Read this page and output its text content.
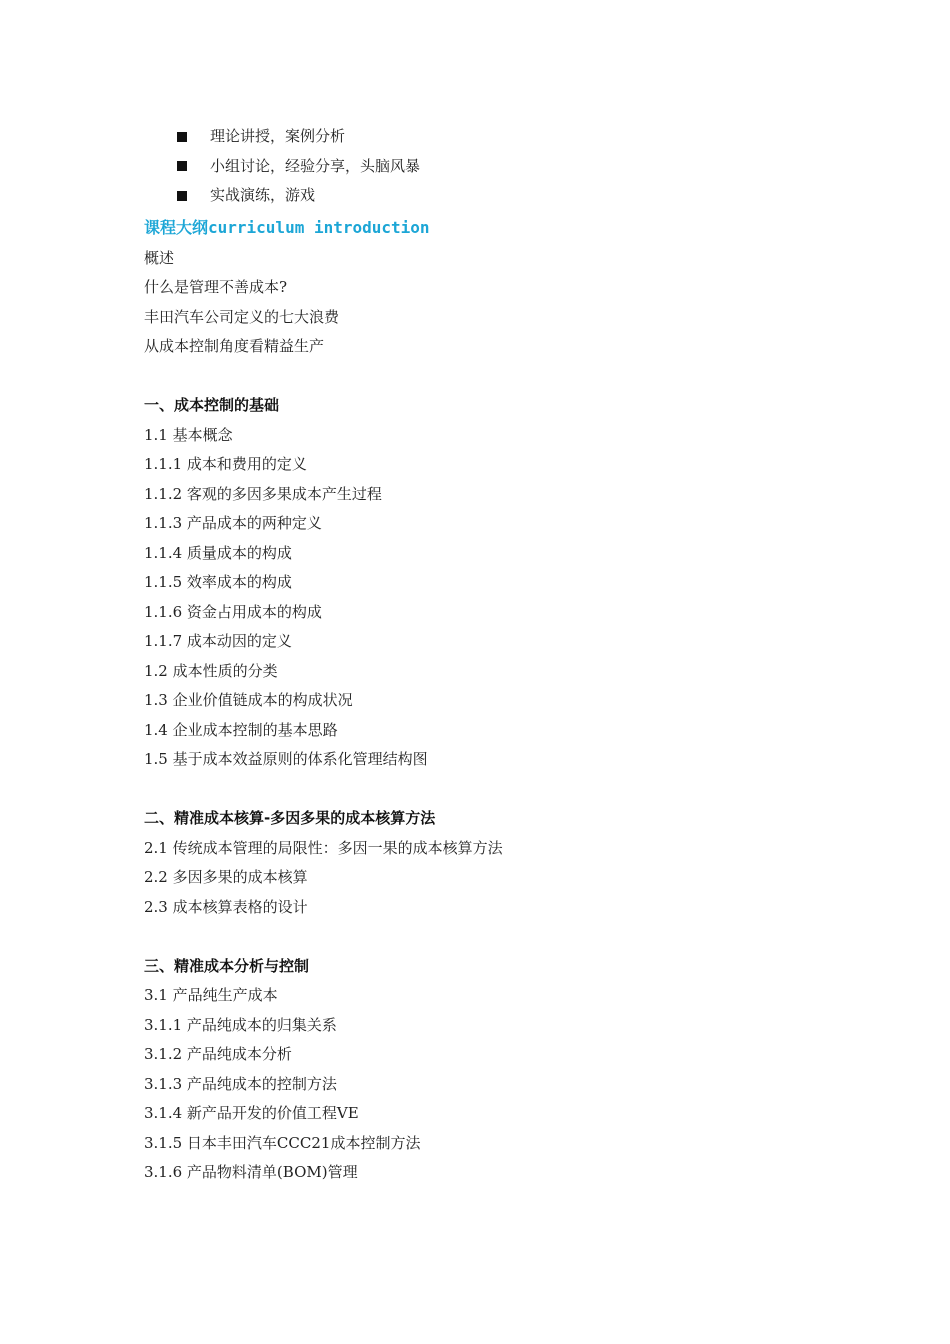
理论讲授，案例分析
小组讨论，经验分享，头脑风暴
实战演练，游戏
课程大纲curriculum introduction
概述
什么是管理不善成本?
丰田汽车公司定义的七大浪费
从成本控制角度看精益生产
一、成本控制的基础
1.1 基本概念
1.1.1 成本和费用的定义
1.1.2 客观的多因多果成本产生过程
1.1.3 产品成本的两种定义
1.1.4 质量成本的构成
1.1.5 效率成本的构成
1.1.6 资金占用成本的构成
1.1.7 成本动因的定义
1.2 成本性质的分类
1.3 企业价值链成本的构成状况
1.4 企业成本控制的基本思路
1.5 基于成本效益原则的体系化管理结构图
二、精准成本核算-多因多果的成本核算方法
2.1 传统成本管理的局限性：多因一果的成本核算方法
2.2 多因多果的成本核算
2.3 成本核算表格的设计
三、精准成本分析与控制
3.1 产品纯生产成本
3.1.1 产品纯成本的归集关系
3.1.2 产品纯成本分析
3.1.3 产品纯成本的控制方法
3.1.4 新产品开发的价值工程VE
3.1.5 日本丰田汽车CCC21成本控制方法
3.1.6 产品物料清单(BOM)管理
